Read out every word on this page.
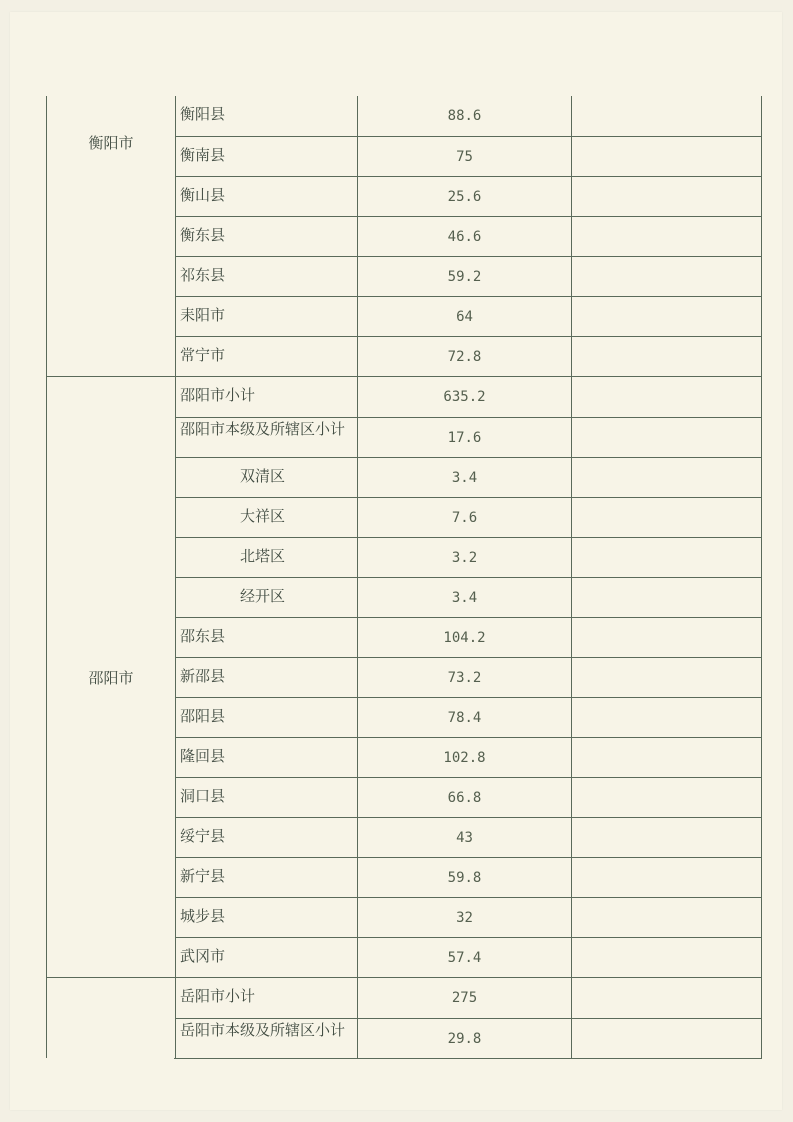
衡阳市
衡阳县	88.6
衡南县	75
衡山县	25.6
衡东县	46.6
祁东县	59.2
耒阳市	64
常宁市	72.8
邵阳市
邵阳市小计	635.2
邵阳市本级及所辖区小计	17.6
双清区	3.4
大祥区	7.6
北塔区	3.2
经开区	3.4
邵东县	104.2
新邵县	73.2
邵阳县	78.4
隆回县	102.8
洞口县	66.8
绥宁县	43
新宁县	59.8
城步县	32
武冈市	57.4
岳阳市小计	275
岳阳市本级及所辖区小计	29.8
